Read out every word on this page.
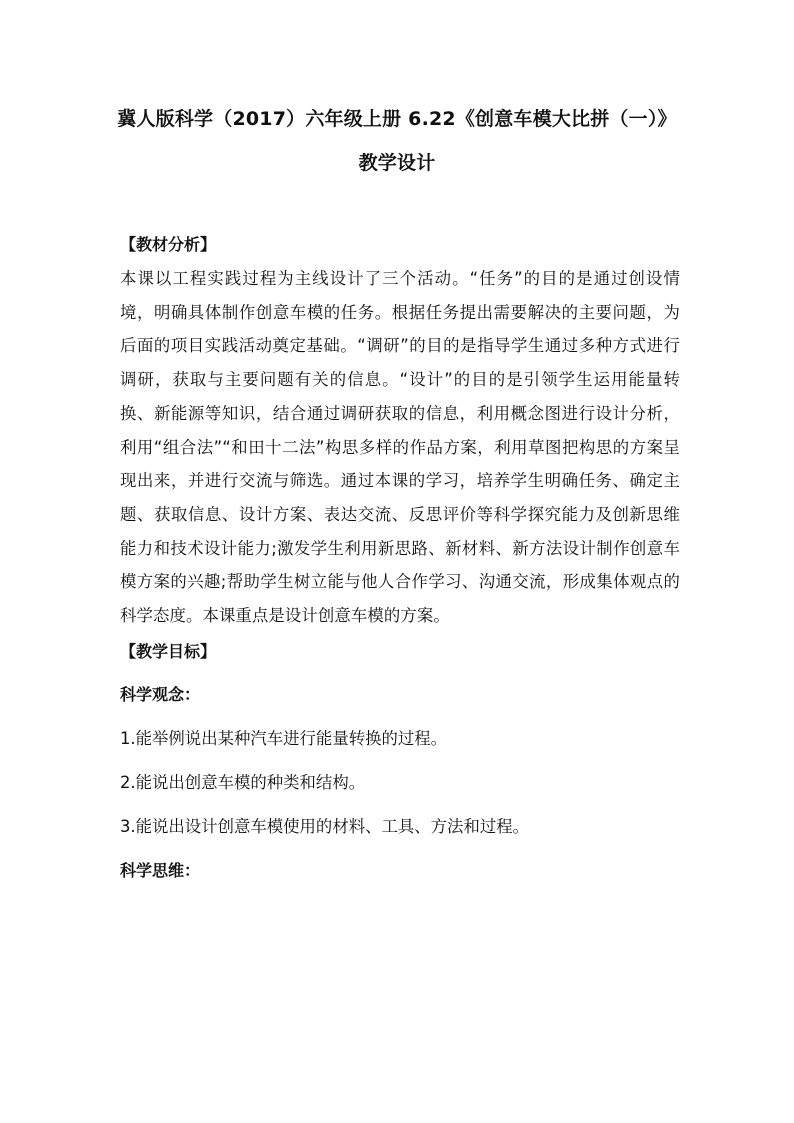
冀人版科学（2017）六年级上册 6.22《创意车模大比拼（一）》
教学设计

【教材分析】

本课以工程实践过程为主线设计了三个活动。“任务”的目的是通过创设情境，明确具体制作创意车模的任务。根据任务提出需要解决的主要问题，为后面的项目实践活动奠定基础。“调研”的目的是指导学生通过多种方式进行调研，获取与主要问题有关的信息。“设计”的目的是引领学生运用能量转换、新能源等知识，结合通过调研获取的信息，利用概念图进行设计分析，利用“组合法”“和田十二法”构思多样的作品方案，利用草图把构思的方案呈现出来，并进行交流与筛选。通过本课的学习，培养学生明确任务、确定主题、获取信息、设计方案、表达交流、反思评价等科学探究能力及创新思维能力和技术设计能力;激发学生利用新思路、新材料、新方法设计制作创意车模方案的兴趣;帮助学生树立能与他人合作学习、沟通交流，形成集体观点的科学态度。本课重点是设计创意车模的方案。

【教学目标】

科学观念：

1.能举例说出某种汽车进行能量转换的过程。

2.能说出创意车模的种类和结构。

3.能说出设计创意车模使用的材料、工具、方法和过程。

科学思维：
